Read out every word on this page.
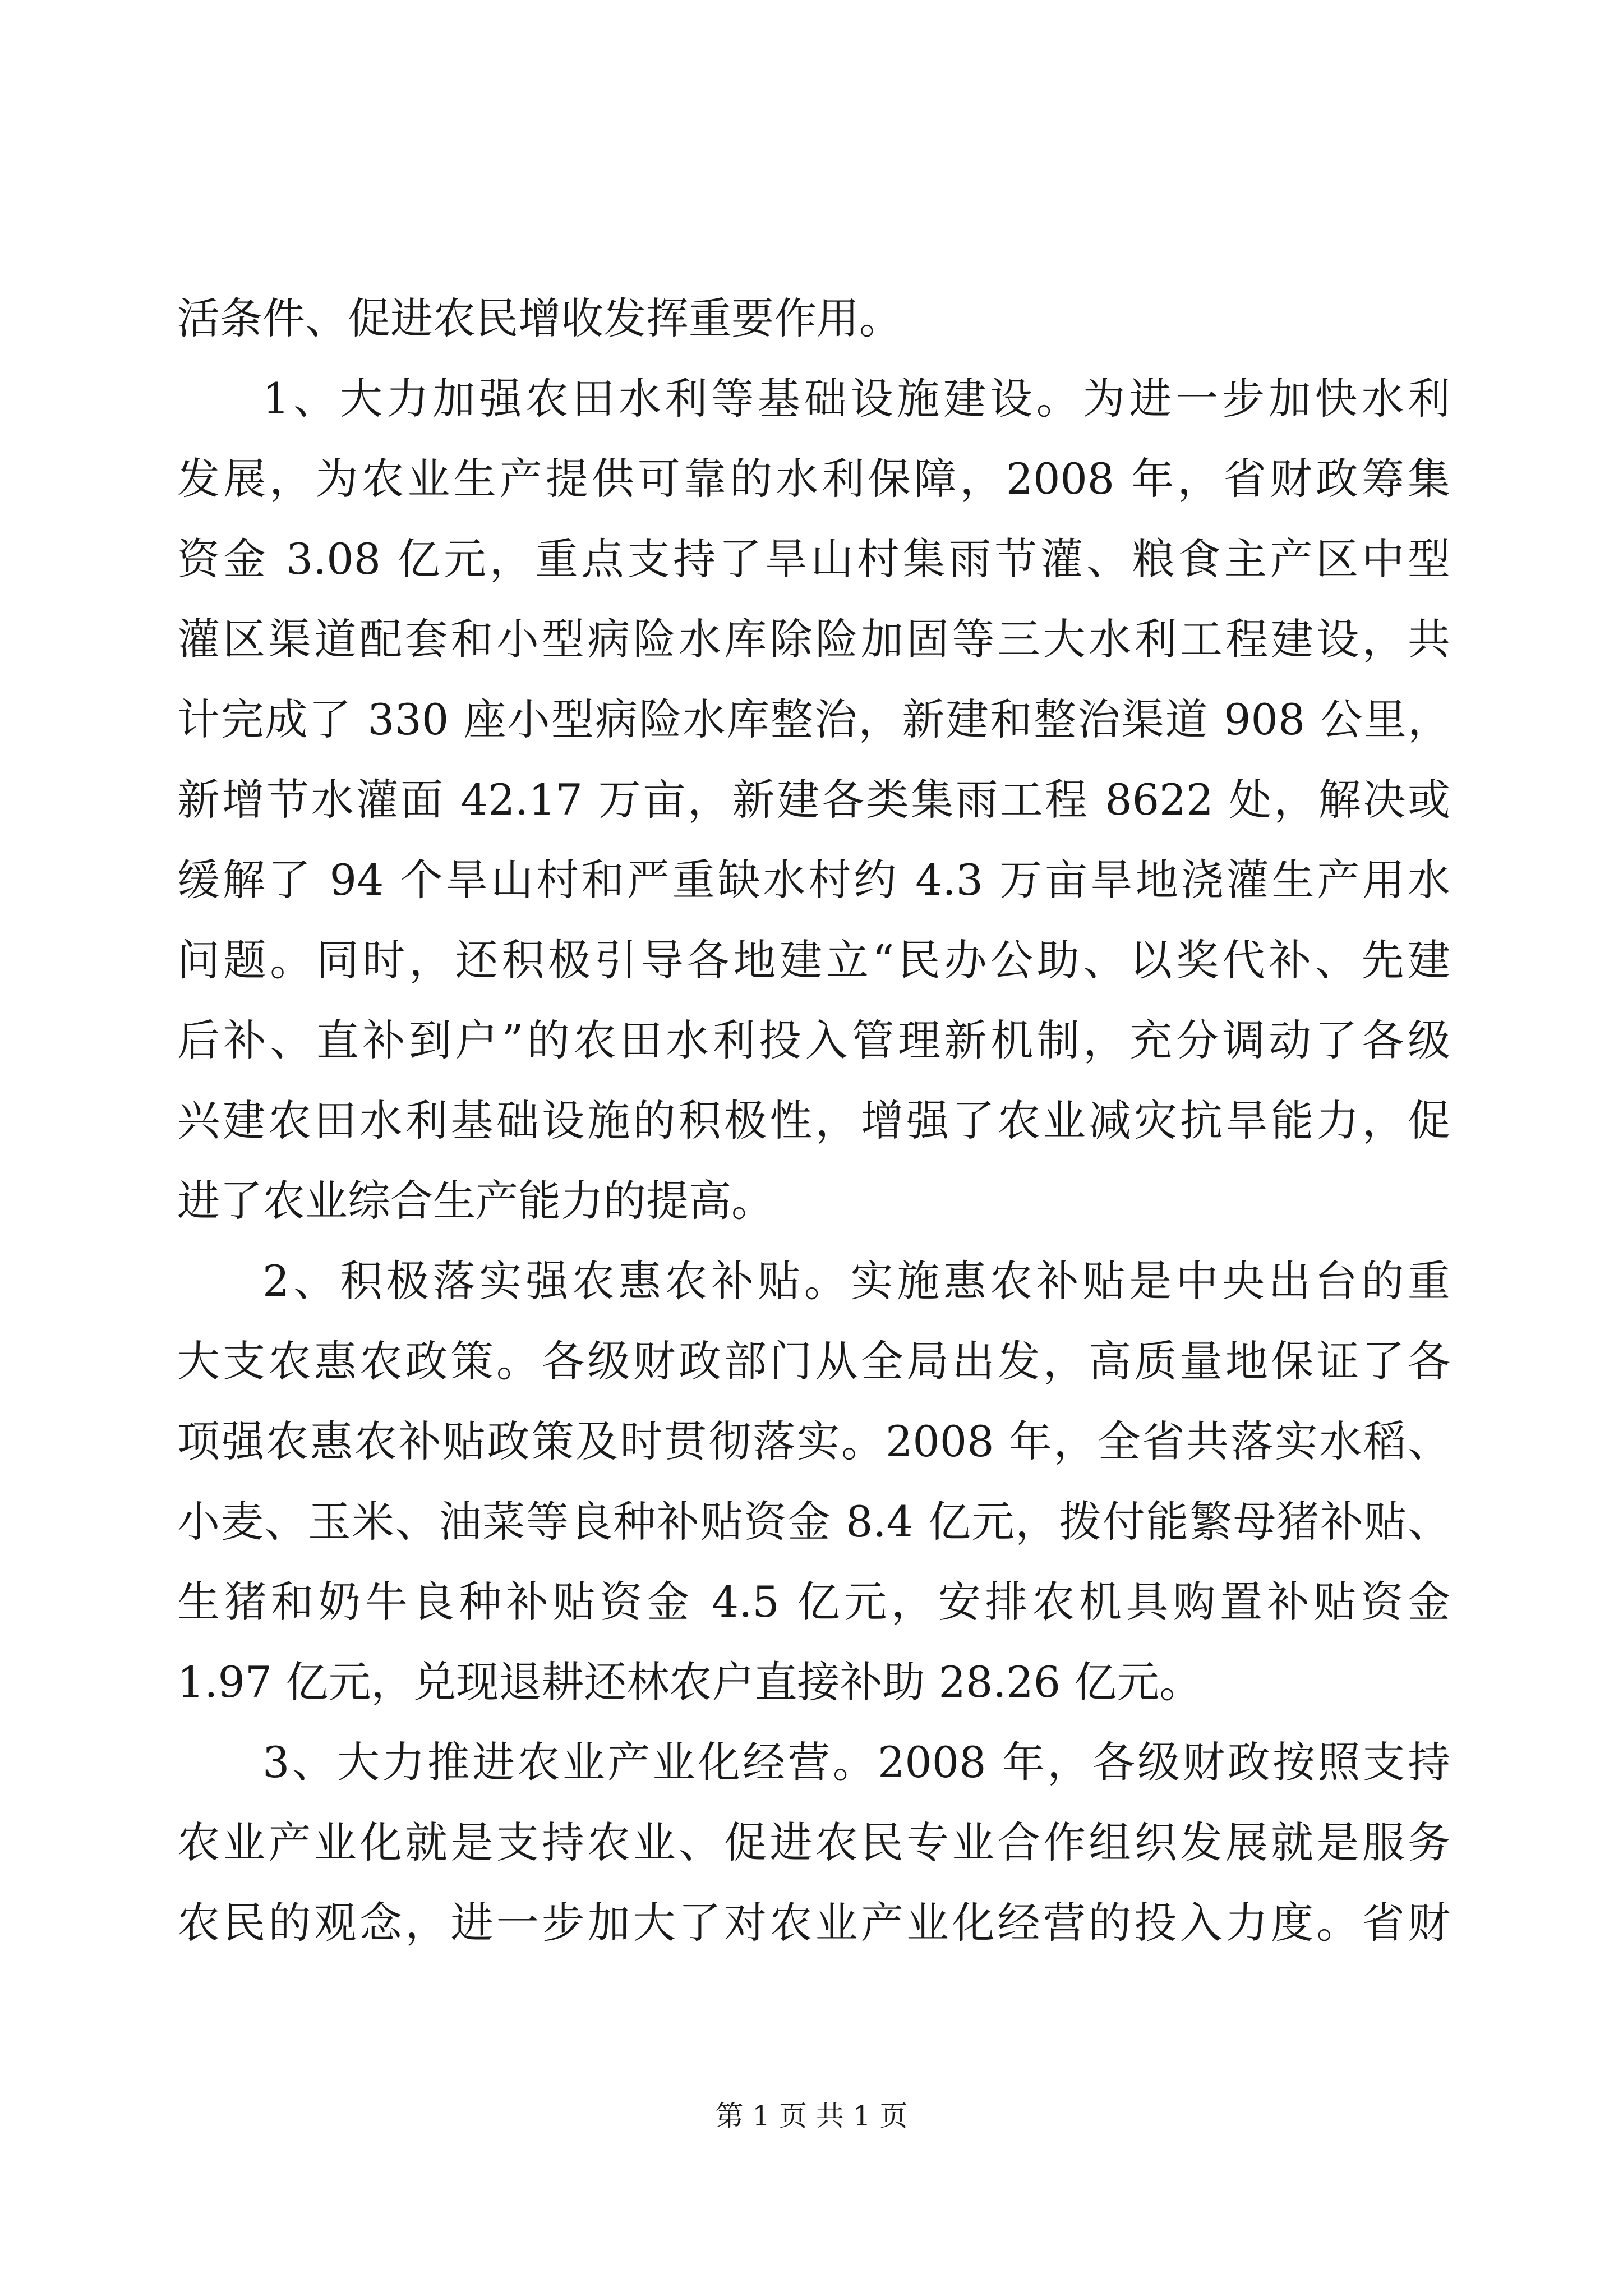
活条件、促进农民增收发挥重要作用。
1、大力加强农田水利等基础设施建设。为进一步加快水利
发展，为农业生产提供可靠的水利保障，2008 年，省财政筹集
资金 3.08 亿元，重点支持了旱山村集雨节灌、粮食主产区中型
灌区渠道配套和小型病险水库除险加固等三大水利工程建设，共
计完成了 330 座小型病险水库整治，新建和整治渠道 908 公里，
新增节水灌面 42.17 万亩，新建各类集雨工程 8622 处，解决或
缓解了 94 个旱山村和严重缺水村约 4.3 万亩旱地浇灌生产用水
问题。同时，还积极引导各地建立“民办公助、以奖代补、先建
后补、直补到户”的农田水利投入管理新机制，充分调动了各级
兴建农田水利基础设施的积极性，增强了农业减灾抗旱能力，促
进了农业综合生产能力的提高。
2、积极落实强农惠农补贴。实施惠农补贴是中央出台的重
大支农惠农政策。各级财政部门从全局出发，高质量地保证了各
项强农惠农补贴政策及时贯彻落实。2008 年，全省共落实水稻、
小麦、玉米、油菜等良种补贴资金 8.4 亿元，拨付能繁母猪补贴、
生猪和奶牛良种补贴资金 4.5 亿元，安排农机具购置补贴资金
1.97 亿元，兑现退耕还林农户直接补助 28.26 亿元。
3、大力推进农业产业化经营。2008 年，各级财政按照支持
农业产业化就是支持农业、促进农民专业合作组织发展就是服务
农民的观念，进一步加大了对农业产业化经营的投入力度。省财
第 1 页 共 1 页
